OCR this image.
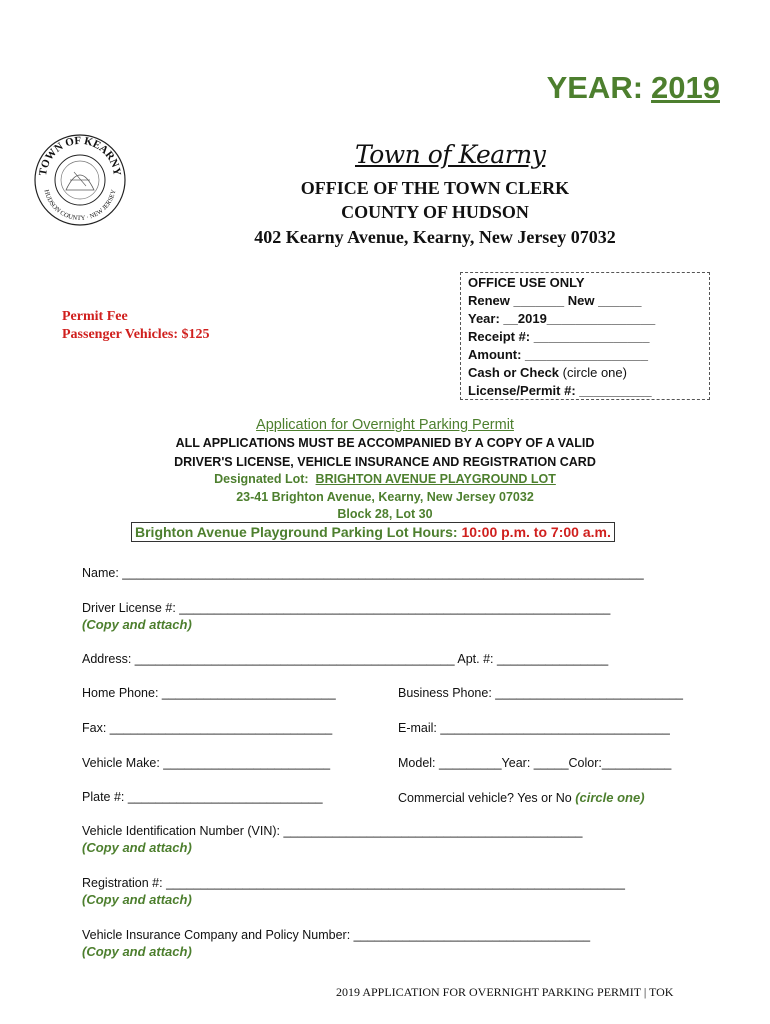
YEAR: 2019
TOWN OF KEARNY
HUDSON COUNTY · NEW JERSEY
Town of Kearny
OFFICE OF THE TOWN CLERK
COUNTY OF HUDSON
402 Kearny Avenue, Kearny, New Jersey 07032
Permit Fee
Passenger Vehicles: $125
OFFICE USE ONLY
Renew _______ New ______
Year: __2019_______________
Receipt #: ________________
Amount: _________________
Cash or Check (circle one)
License/Permit #: __________
Application for Overnight Parking Permit
ALL APPLICATIONS MUST BE ACCOMPANIED BY A COPY OF A VALID
DRIVER'S LICENSE, VEHICLE INSURANCE AND REGISTRATION CARD
Designated Lot: BRIGHTON AVENUE PLAYGROUND LOT
23-41 Brighton Avenue, Kearny, New Jersey 07032
Block 28, Lot 30
Brighton Avenue Playground Parking Lot Hours: 10:00 p.m. to 7:00 a.m.
Name: ___________________________________________________________________________
Driver License #: ______________________________________________________________
(Copy and attach)
Address: ______________________________________________ Apt. #: ________________
Home Phone: _________________________	Business Phone: ___________________________
Fax: ________________________________	E-mail: _________________________________
Vehicle Make: ________________________	Model: _________Year: _____Color:__________
Plate #: ____________________________	Commercial vehicle? Yes or No (circle one)
Vehicle Identification Number (VIN): ___________________________________________
(Copy and attach)
Registration #: __________________________________________________________________
(Copy and attach)
Vehicle Insurance Company and Policy Number: __________________________________
(Copy and attach)
2019 APPLICATION FOR OVERNIGHT PARKING PERMIT | TOK
